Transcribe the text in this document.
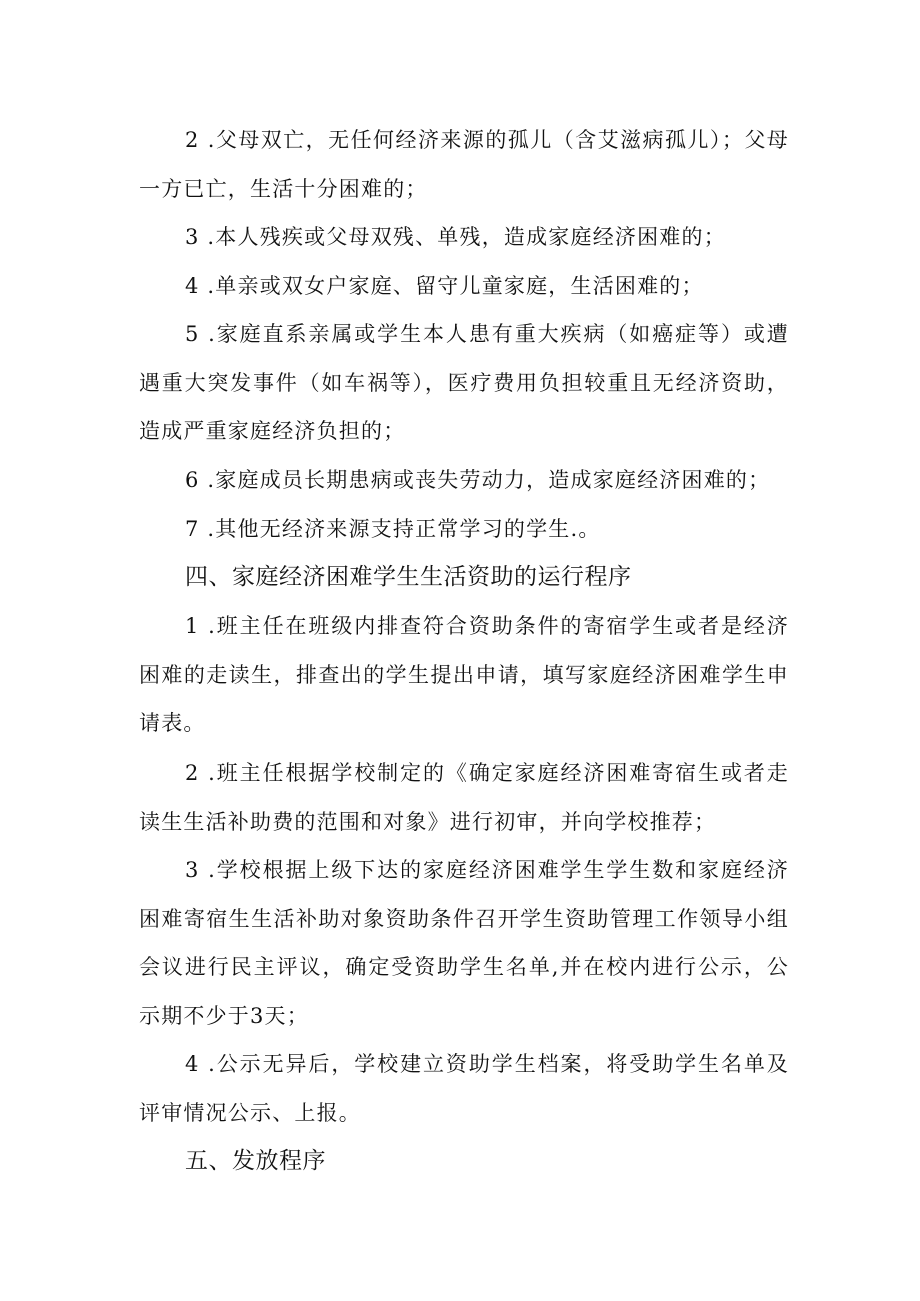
2 .父母双亡，无任何经济来源的孤儿（含艾滋病孤儿）；父母一方已亡，生活十分困难的；

3 .本人残疾或父母双残、单残，造成家庭经济困难的；

4 .单亲或双女户家庭、留守儿童家庭，生活困难的；

5 .家庭直系亲属或学生本人患有重大疾病（如癌症等）或遭遇重大突发事件（如车祸等），医疗费用负担较重且无经济资助，造成严重家庭经济负担的；

6 .家庭成员长期患病或丧失劳动力，造成家庭经济困难的；

7 .其他无经济来源支持正常学习的学生.。

四、家庭经济困难学生生活资助的运行程序

1 .班主任在班级内排查符合资助条件的寄宿学生或者是经济困难的走读生，排查出的学生提出申请，填写家庭经济困难学生申请表。

2 .班主任根据学校制定的《确定家庭经济困难寄宿生或者走读生生活补助费的范围和对象》进行初审，并向学校推荐；

3 .学校根据上级下达的家庭经济困难学生学生数和家庭经济困难寄宿生生活补助对象资助条件召开学生资助管理工作领导小组会议进行民主评议，确定受资助学生名单,并在校内进行公示，公示期不少于3天；

4 .公示无异后，学校建立资助学生档案，将受助学生名单及评审情况公示、上报。

五、发放程序
